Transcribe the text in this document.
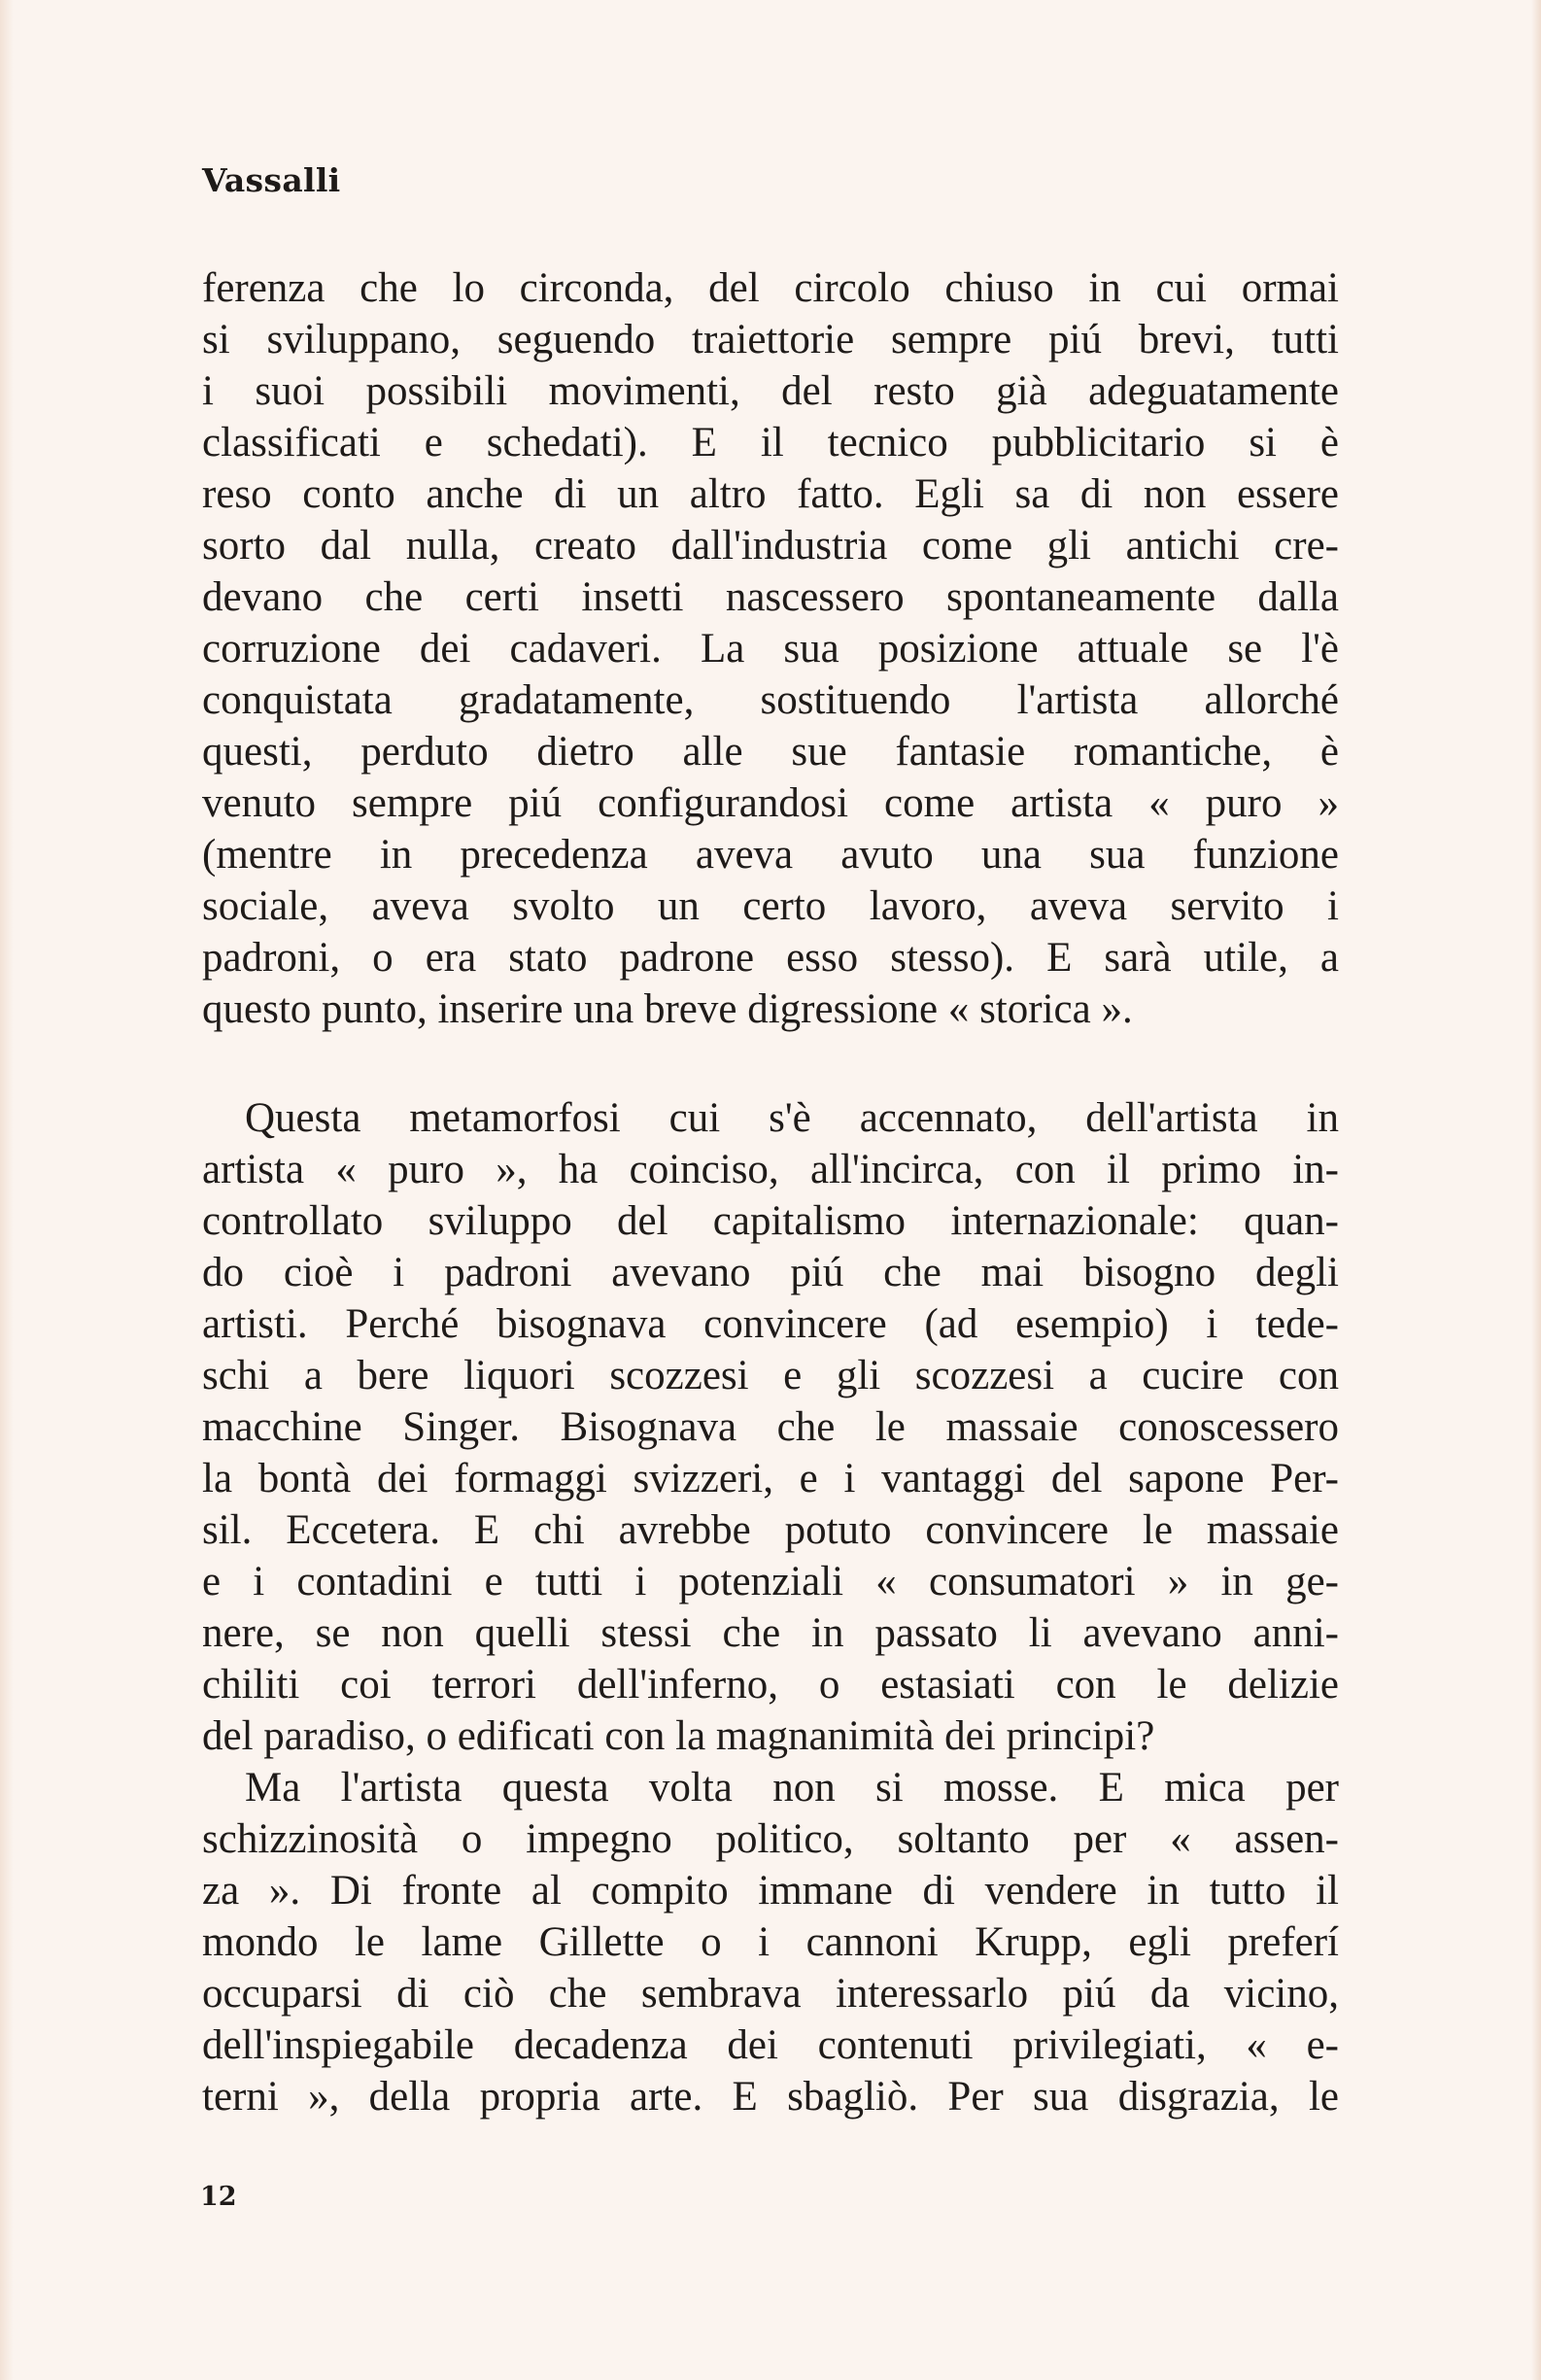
Vassalli
ferenza che lo circonda, del circolo chiuso in cui ormai
si sviluppano, seguendo traiettorie sempre piú brevi, tutti
i suoi possibili movimenti, del resto già adeguatamente
classificati e schedati). E il tecnico pubblicitario si è
reso conto anche di un altro fatto. Egli sa di non essere
sorto dal nulla, creato dall'industria come gli antichi cre-
devano che certi insetti nascessero spontaneamente dalla
corruzione dei cadaveri. La sua posizione attuale se l'è
conquistata gradatamente, sostituendo l'artista allorché
questi, perduto dietro alle sue fantasie romantiche, è
venuto sempre piú configurandosi come artista « puro »
(mentre in precedenza aveva avuto una sua funzione
sociale, aveva svolto un certo lavoro, aveva servito i
padroni, o era stato padrone esso stesso). E sarà utile, a
questo punto, inserire una breve digressione « storica ».
Questa metamorfosi cui s'è accennato, dell'artista in
artista « puro », ha coinciso, all'incirca, con il primo in-
controllato sviluppo del capitalismo internazionale: quan-
do cioè i padroni avevano piú che mai bisogno degli
artisti. Perché bisognava convincere (ad esempio) i tede-
schi a bere liquori scozzesi e gli scozzesi a cucire con
macchine Singer. Bisognava che le massaie conoscessero
la bontà dei formaggi svizzeri, e i vantaggi del sapone Per-
sil. Eccetera. E chi avrebbe potuto convincere le massaie
e i contadini e tutti i potenziali « consumatori » in ge-
nere, se non quelli stessi che in passato li avevano anni-
chiliti coi terrori dell'inferno, o estasiati con le delizie
del paradiso, o edificati con la magnanimità dei principi?
Ma l'artista questa volta non si mosse. E mica per
schizzinosità o impegno politico, soltanto per « assen-
za ». Di fronte al compito immane di vendere in tutto il
mondo le lame Gillette o i cannoni Krupp, egli preferí
occuparsi di ciò che sembrava interessarlo piú da vicino,
dell'inspiegabile decadenza dei contenuti privilegiati, « e-
terni », della propria arte. E sbagliò. Per sua disgrazia, le
12
